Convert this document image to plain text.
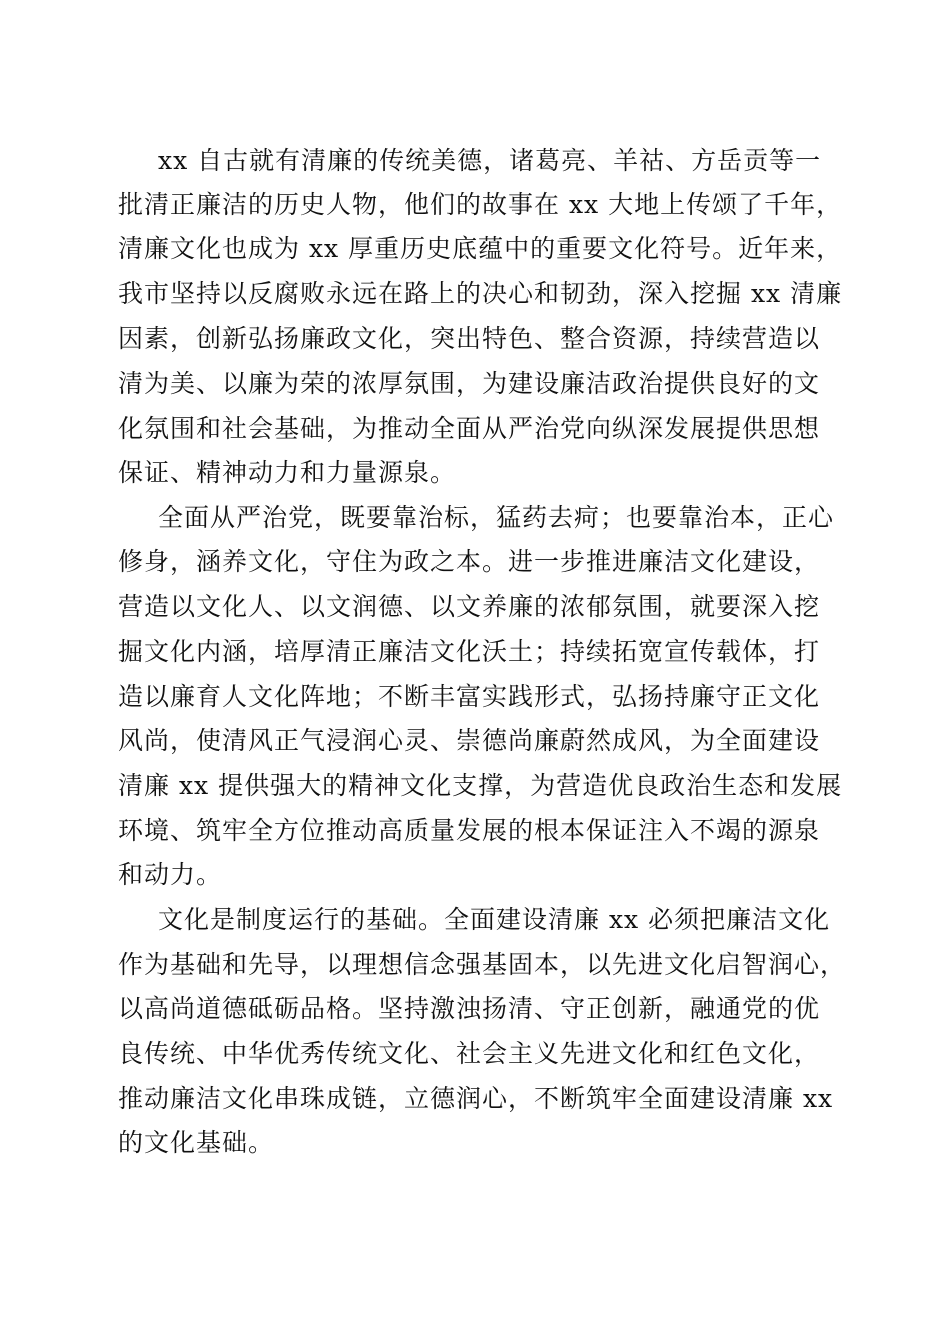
xx 自古就有清廉的传统美德，诸葛亮、羊祜、方岳贡等一
批清正廉洁的历史人物，他们的故事在 xx 大地上传颂了千年，
清廉文化也成为 xx 厚重历史底蕴中的重要文化符号。近年来，
我市坚持以反腐败永远在路上的决心和韧劲，深入挖掘 xx 清廉
因素，创新弘扬廉政文化，突出特色、整合资源，持续营造以
清为美、以廉为荣的浓厚氛围，为建设廉洁政治提供良好的文
化氛围和社会基础，为推动全面从严治党向纵深发展提供思想
保证、精神动力和力量源泉。
全面从严治党，既要靠治标，猛药去疴；也要靠治本，正心
修身，涵养文化，守住为政之本。进一步推进廉洁文化建设，
营造以文化人、以文润德、以文养廉的浓郁氛围，就要深入挖
掘文化内涵，培厚清正廉洁文化沃土；持续拓宽宣传载体，打
造以廉育人文化阵地；不断丰富实践形式，弘扬持廉守正文化
风尚，使清风正气浸润心灵、崇德尚廉蔚然成风，为全面建设
清廉 xx 提供强大的精神文化支撑，为营造优良政治生态和发展
环境、筑牢全方位推动高质量发展的根本保证注入不竭的源泉
和动力。
文化是制度运行的基础。全面建设清廉 xx 必须把廉洁文化
作为基础和先导，以理想信念强基固本，以先进文化启智润心，
以高尚道德砥砺品格。坚持激浊扬清、守正创新，融通党的优
良传统、中华优秀传统文化、社会主义先进文化和红色文化，
推动廉洁文化串珠成链，立德润心，不断筑牢全面建设清廉 xx
的文化基础。
